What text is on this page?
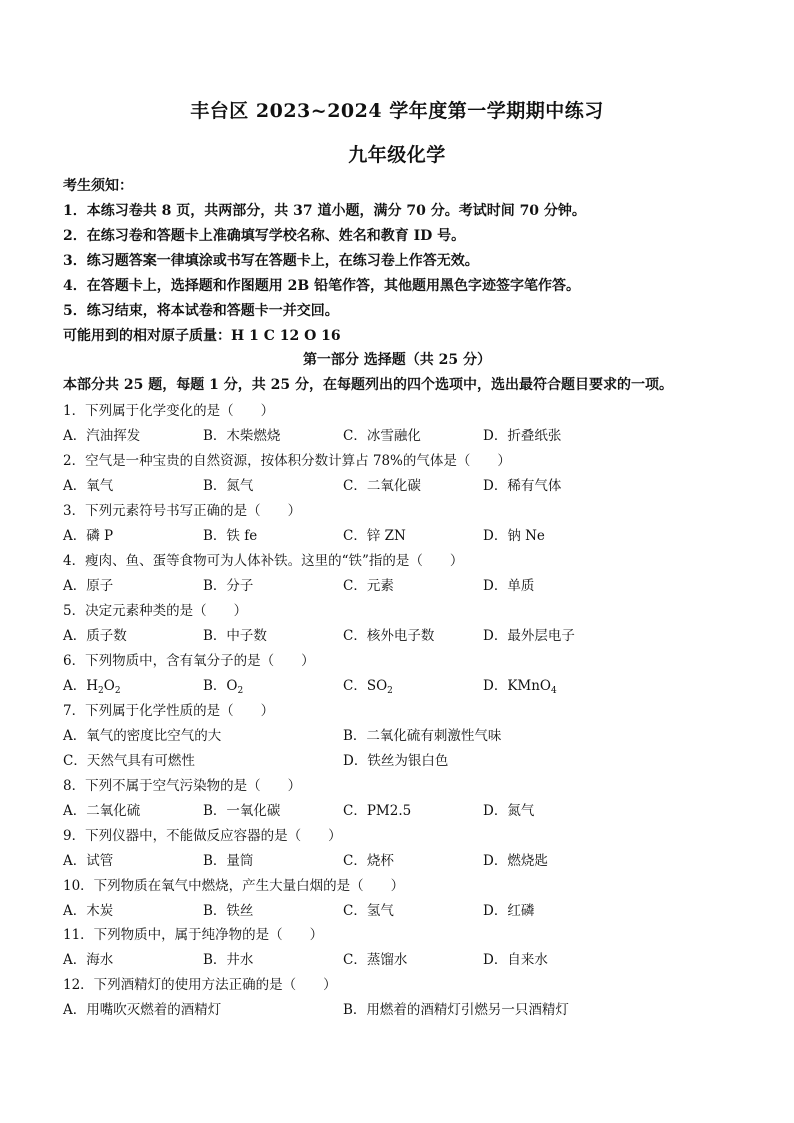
丰台区 2023~2024 学年度第一学期期中练习
九年级化学
考生须知：
1．本练习卷共 8 页，共两部分，共 37 道小题，满分 70 分。考试时间 70 分钟。
2．在练习卷和答题卡上准确填写学校名称、姓名和教育 ID 号。
3．练习题答案一律填涂或书写在答题卡上，在练习卷上作答无效。
4．在答题卡上，选择题和作图题用 2B 铅笔作答，其他题用黑色字迹签字笔作答。
5．练习结束，将本试卷和答题卡一并交回。
可能用到的相对原子质量：H 1 C 12 O 16
第一部分 选择题（共 25 分）
本部分共 25 题，每题 1 分，共 25 分，在每题列出的四个选项中，选出最符合题目要求的一项。
1．下列属于化学变化的是（　　）
A．汽油挥发	B．木柴燃烧	C．冰雪融化	D．折叠纸张
2．空气是一种宝贵的自然资源，按体积分数计算占 78%的气体是（　　）
A．氧气	B．氮气	C．二氧化碳	D．稀有气体
3．下列元素符号书写正确的是（　　）
A．磷 P	B．铁 fe	C．锌 ZN	D．钠 Ne
4．瘦肉、鱼、蛋等食物可为人体补铁。这里的“铁”指的是（　　）
A．原子	B．分子	C．元素	D．单质
5．决定元素种类的是（　　）
A．质子数	B．中子数	C．核外电子数	D．最外层电子
6．下列物质中，含有氧分子的是（　　）
A．$H_2O_2$	B．$O_2$	C．$SO_2$	D．KMnO$_4$
7．下列属于化学性质的是（　　）
A．氧气的密度比空气的大	B．二氧化硫有刺激性气味
C．天然气具有可燃性	D．铁丝为银白色
8．下列不属于空气污染物的是（　　）
A．二氧化硫	B．一氧化碳	C．PM2.5	D．氮气
9．下列仪器中，不能做反应容器的是（　　）
A．试管	B．量筒	C．烧杯	D．燃烧匙
10．下列物质在氧气中燃烧，产生大量白烟的是（　　）
A．木炭	B．铁丝	C．氢气	D．红磷
11．下列物质中，属于纯净物的是（　　）
A．海水	B．井水	C．蒸馏水	D．自来水
12．下列酒精灯的使用方法正确的是（　　）
A．用嘴吹灭燃着的酒精灯	B．用燃着的酒精灯引燃另一只酒精灯
